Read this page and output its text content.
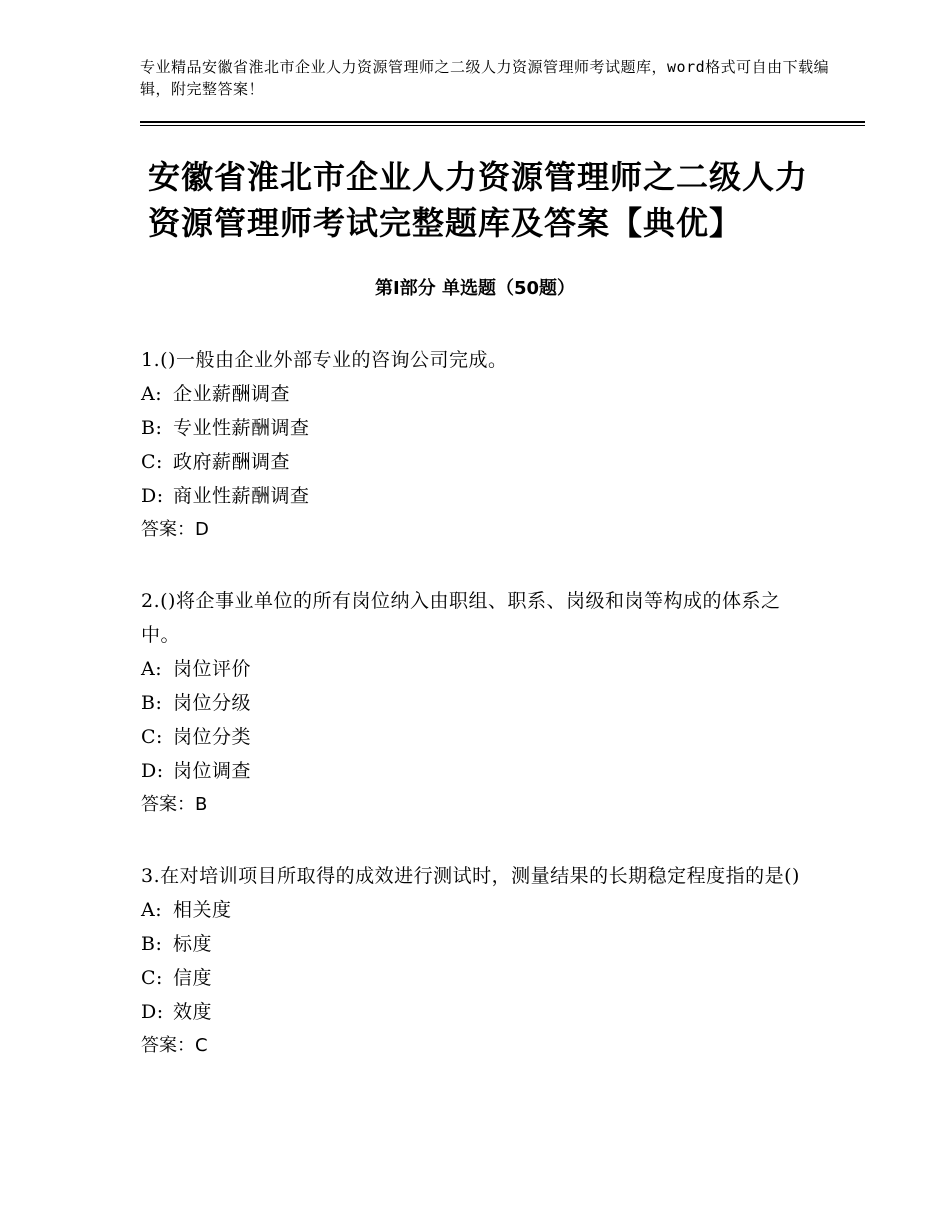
专业精品安徽省淮北市企业人力资源管理师之二级人力资源管理师考试题库，word格式可自由下载编辑，附完整答案！
安徽省淮北市企业人力资源管理师之二级人力资源管理师考试完整题库及答案【典优】
第Ⅰ部分 单选题（50题）
1.()一般由企业外部专业的咨询公司完成。
A: 企业薪酬调查
B: 专业性薪酬调查
C: 政府薪酬调查
D: 商业性薪酬调查
答案：D
2.()将企事业单位的所有岗位纳入由职组、职系、岗级和岗等构成的体系之中。
A: 岗位评价
B: 岗位分级
C: 岗位分类
D: 岗位调查
答案：B
3.在对培训项目所取得的成效进行测试时，测量结果的长期稳定程度指的是()
A: 相关度
B: 标度
C: 信度
D: 效度
答案：C
